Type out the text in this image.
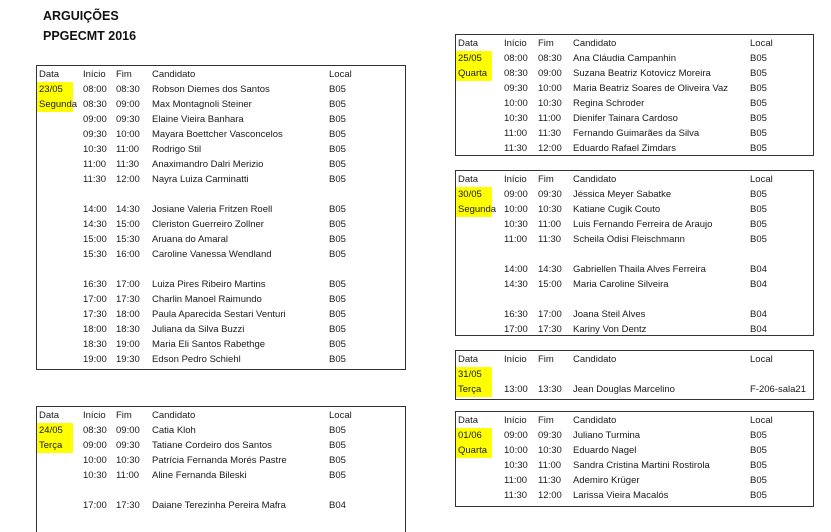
ARGUIÇÕES
PPGECMT 2016
Data	Início Fim Candidato	Local
23/05	08:00 08:30 Robson Diemes dos Santos	B05
Segunda 08:30 09:00 Max Montagnoli Steiner	B05
09:00 09:30 Elaine Vieira Banhara	B05
09:30 10:00 Mayara Boettcher Vasconcelos	B05
10:30 11:00 Rodrigo Stil	B05
11:00 11:30 Anaximandro Dalri Merizio	B05
11:30 12:00 Nayra Luiza Carminatti	B05
14:00 14:30 Josiane Valeria Fritzen Roell	B05
14:30 15:00 Cleriston Guerreiro Zollner	B05
15:00 15:30 Aruana do Amaral	B05
15:30 16:00 Caroline Vanessa Wendland	B05
16:30 17:00 Luiza Pires Ribeiro Martins	B05
17:00 17:30 Charlin Manoel Raimundo	B05
17:30 18:00 Paula Aparecida Sestari Venturi	B05
18:00 18:30 Juliana da Silva Buzzi	B05
18:30 19:00 Maria Eli Santos Rabethge	B05
19:00 19:30 Edson Pedro Schiehl	B05
Data	Início Fim Candidato	Local
24/05	08:30 09:00 Catia Kloh	B05
Terça	09:00 09:30 Tatiane Cordeiro dos Santos	B05
10:00 10:30 Patrícia Fernanda Morés Pastre	B05
10:30 11:00 Aline Fernanda Bileski	B05
17:00 17:30 Daiane Terezinha Pereira Mafra	B04
Data	Início Fim Candidato	Local
25/05	08:00 08:30 Ana Cláudia Campanhin	B05
Quarta	08:30 09:00 Suzana Beatriz Kotovicz Moreira	B05
09:30 10:00 Maria Beatriz Soares de Oliveira Vaz B05
10:00 10:30 Regina Schroder	B05
10:30 11:00 Dienifer Tainara Cardoso	B05
11:00 11:30 Fernando Guimarães da Silva	B05
11:30 12:00 Eduardo Rafael Zimdars	B05
Data	Início Fim Candidato	Local
30/05	09:00 09:30 Jéssica Meyer Sabatke	B05
Segunda 10:00 10:30 Katiane Cugik Couto	B05
10:30 11:00 Luis Fernando Ferreira de Araujo	B05
11:00 11:30 Scheila Odisi Fleischmann	B05
14:00 14:30 Gabriellen Thaila Alves Ferreira	B04
14:30 15:00 Maria Caroline Silveira	B04
16:30 17:00 Joana Steil Alves	B04
17:00 17:30 Kariny Von Dentz	B04
Data	Início Fim Candidato	Local
31/05
Terça	13:00 13:30 Jean Douglas Marcelino	F-206-sala21
Data	Início Fim Candidato	Local
01/06	09:00 09:30 Juliano Turmina	B05
Quarta	10:00 10:30 Eduardo Nagel	B05
10:30 11:00 Sandra Cristina Martini Rostirola	B05
11:00 11:30 Ademiro Krüger	B05
11:30 12:00 Larissa Vieira Macalós	B05
